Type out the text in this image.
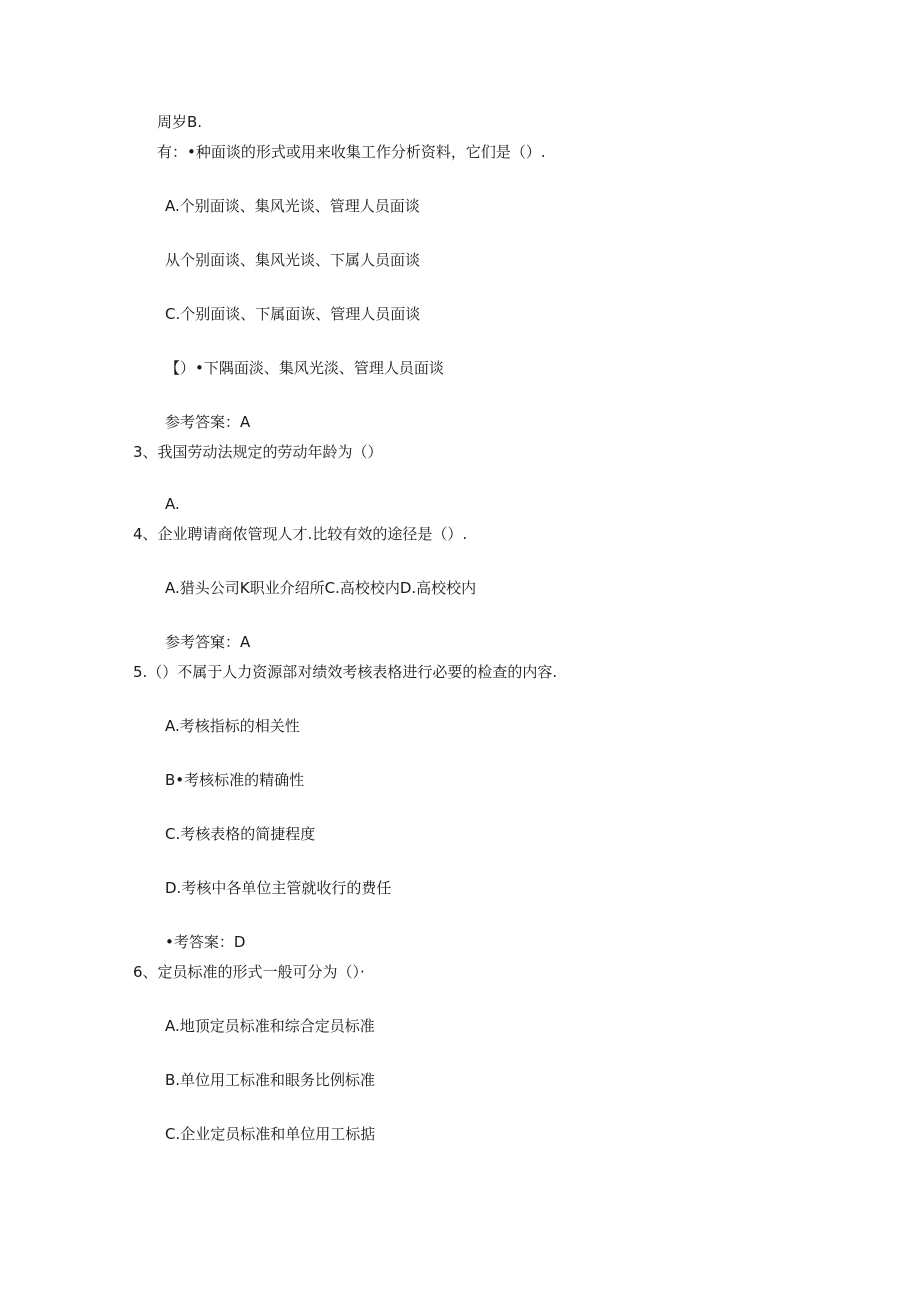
周岁B.
有：•种面谈的形式或用来收集工作分析资料，它们是（）.
A.个别面谈、集风光谈、管理人员面谈
从个别面谈、集风光谈、下属人员面谈
C.个别面谈、下属面诙、管理人员面谈
【）•下隅面淡、集风光淡、管理人员面谈
参考答案：A
3、我国劳动法规定的劳动年龄为（）
A.
4、企业聘请商侬管现人才.比较有效的途径是（）.
A.猎头公司K职业介绍所C.高校校内D.高校校内
参考答窠：A
5.（）不属于人力资源部对绩效考核表格进行必要的检查的内容.
A.考核指标的相关性
B•考核标准的精确性
C.考核表格的简捷程度
D.考核中各单位主管就收行的费任
•考答案：D
6、定员标准的形式一般可分为（）·
A.地顶定员标准和综合定员标准
B.单位用工标准和眼务比例标准
C.企业定员标准和单位用工标掂
